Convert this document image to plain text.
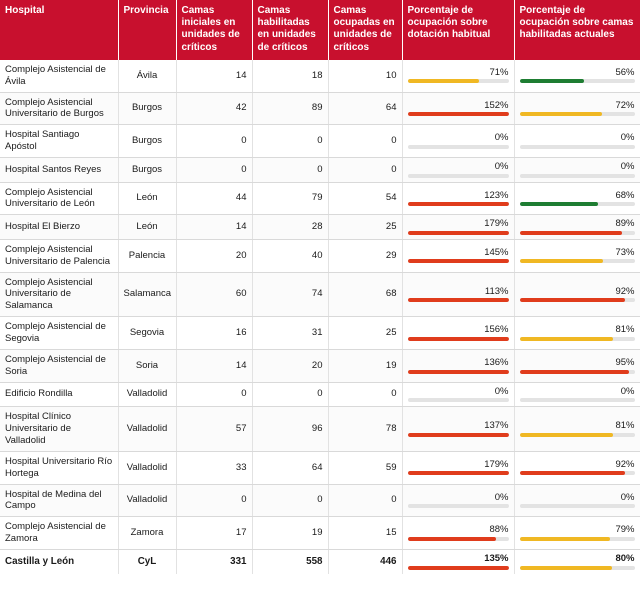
Hospital	Provincia	Camas iniciales en unidades de críticos	Camas habilitadas en unidades de críticos	Camas ocupadas en unidades de críticos	Porcentaje de ocupación sobre dotación habitual	Porcentaje de ocupación sobre camas habilitadas actuales
Complejo Asistencial de Ávila	Ávila	14	18	10	71%	56%

Complejo Asistencial Universitario de Burgos	Burgos	42	89	64	152%	72%

Hospital Santiago Apóstol	Burgos	0	0	0	0%	0%

Hospital Santos Reyes	Burgos	0	0	0	0%	0%

Complejo Asistencial Universitario de León	León	44	79	54	123%	68%

Hospital El Bierzo	León	14	28	25	179%	89%

Complejo Asistencial Universitario de Palencia	Palencia	20	40	29	145%	73%

Complejo Asistencial Universitario de Salamanca	Salamanca	60	74	68	113%	92%

Complejo Asistencial de Segovia	Segovia	16	31	25	156%	81%

Complejo Asistencial de Soria	Soria	14	20	19	136%	95%

Edificio Rondilla	Valladolid	0	0	0	0%	0%

Hospital Clínico Universitario de Valladolid	Valladolid	57	96	78	137%	81%

Hospital Universitario Río Hortega	Valladolid	33	64	59	179%	92%

Hospital de Medina del Campo	Valladolid	0	0	0	0%	0%

Complejo Asistencial de Zamora	Zamora	17	19	15	88%	79%

Castilla y León	CyL	331	558	446	135%	80%
